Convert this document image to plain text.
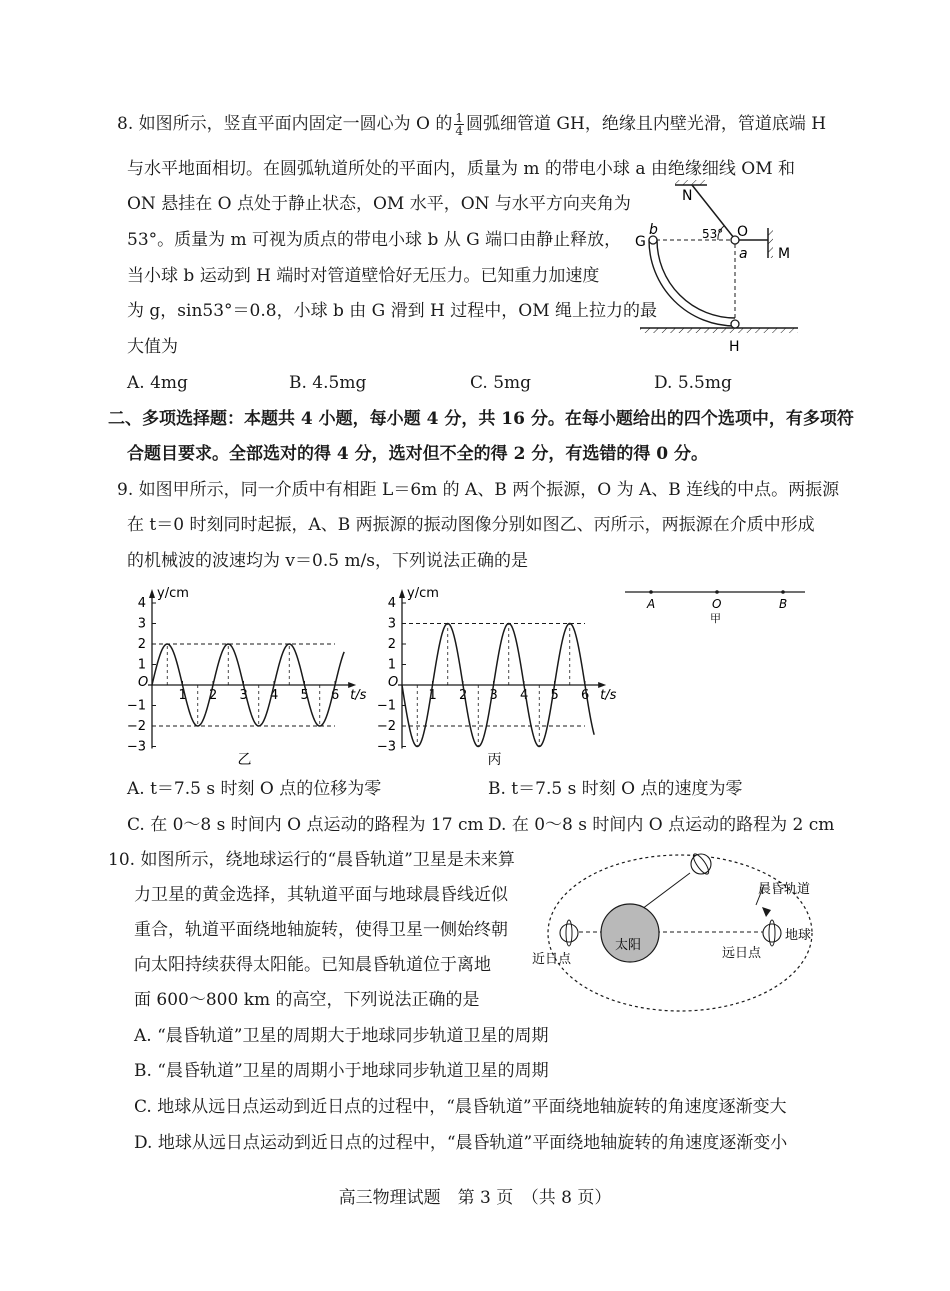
8. 如图所示，竖直平面内固定一圆心为 O 的 $\frac{1}{4}$ 圆弧细管道 GH，绝缘且内壁光滑，管道底端 H
与水平地面相切。在圆弧轨道所处的平面内，质量为 m 的带电小球 a 由绝缘细线 OM 和
ON 悬挂在 O 点处于静止状态，OM 水平，ON 与水平方向夹角为
53°。质量为 m 可视为质点的带电小球 b 从 G 端口由静止释放，
当小球 b 运动到 H 端时对管道壁恰好无压力。已知重力加速度
为 g，sin53°＝0.8，小球 b 由 G 滑到 H 过程中，OM 绳上拉力的最
大值为
A. 4mg	B. 4.5mg	C. 5mg	D. 5.5mg
N
O
M
G
b
a
H
53°
二、多项选择题：本题共 4 小题，每小题 4 分，共 16 分。在每小题给出的四个选项中，有多项符
合题目要求。全部选对的得 4 分，选对但不全的得 2 分，有选错的得 0 分。
9. 如图甲所示，同一介质中有相距 L＝6m 的 A、B 两个振源，O 为 A、B 连线的中点。两振源
在 t＝0 时刻同时起振，A、B 两振源的振动图像分别如图乙、丙所示，两振源在介质中形成
的机械波的波速均为 v＝0.5 m/s，下列说法正确的是
y/cm
t/s
O
4
3
2
1
−1
−2
−3
1 2 3 4 5 6
乙
y/cm
t/s
O
4
3
2
1
−1
−2
−3
1 2 3 4 5 6
丙
A	O	B
甲
A. t＝7.5 s 时刻 O 点的位移为零	B. t＝7.5 s 时刻 O 点的速度为零
C. 在 0～8 s 时间内 O 点运动的路程为 17 cm D. 在 0～8 s 时间内 O 点运动的路程为 2 cm
10. 如图所示，绕地球运行的“晨昏轨道”卫星是未来算
力卫星的黄金选择，其轨道平面与地球晨昏线近似
重合，轨道平面绕地轴旋转，使得卫星一侧始终朝
向太阳持续获得太阳能。已知晨昏轨道位于离地
面 600～800 km 的高空，下列说法正确的是
太阳
晨昏轨道
地球
近日点	远日点
A. “晨昏轨道”卫星的周期大于地球同步轨道卫星的周期
B. “晨昏轨道”卫星的周期小于地球同步轨道卫星的周期
C. 地球从远日点运动到近日点的过程中，“晨昏轨道”平面绕地轴旋转的角速度逐渐变大
D. 地球从远日点运动到近日点的过程中，“晨昏轨道”平面绕地轴旋转的角速度逐渐变小
高三物理试题　第 3 页　（共 8 页）
